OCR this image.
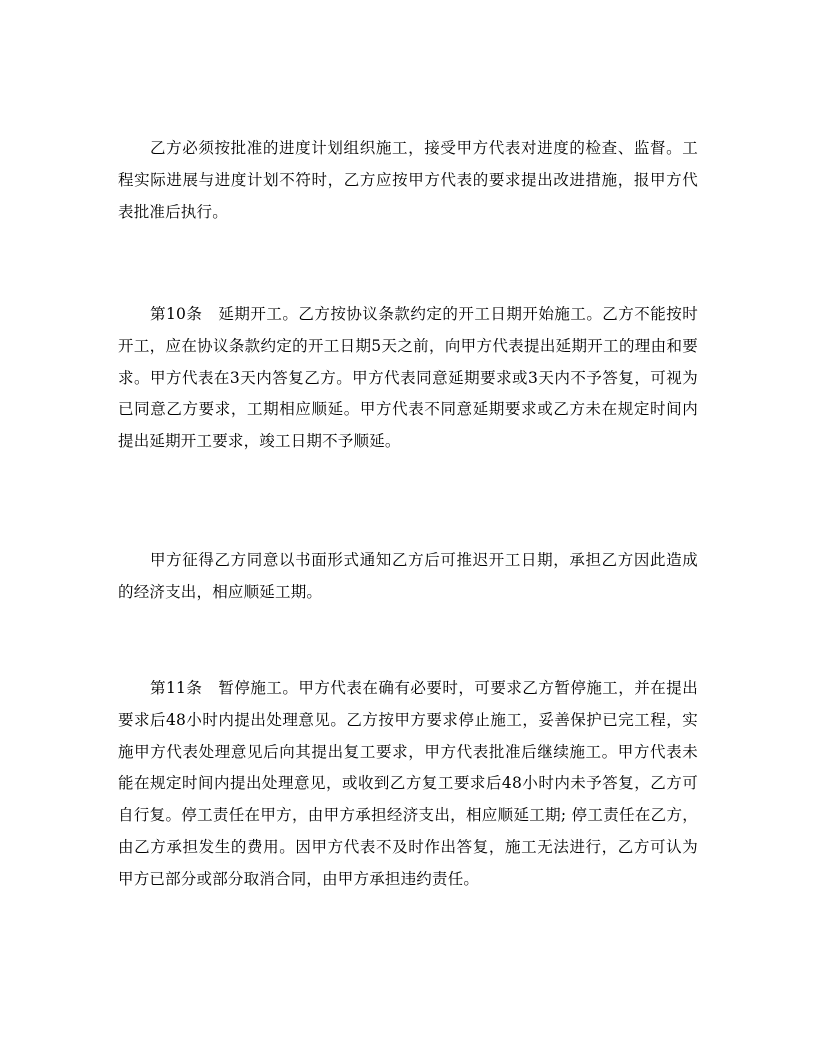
乙方必须按批准的进度计划组织施工，接受甲方代表对进度的检查、监督。工程实际进展与进度计划不符时，乙方应按甲方代表的要求提出改进措施，报甲方代表批准后执行。

第10条　延期开工。乙方按协议条款约定的开工日期开始施工。乙方不能按时开工，应在协议条款约定的开工日期5天之前，向甲方代表提出延期开工的理由和要求。甲方代表在3天内答复乙方。甲方代表同意延期要求或3天内不予答复，可视为已同意乙方要求，工期相应顺延。甲方代表不同意延期要求或乙方未在规定时间内提出延期开工要求，竣工日期不予顺延。

甲方征得乙方同意以书面形式通知乙方后可推迟开工日期，承担乙方因此造成的经济支出，相应顺延工期。

第11条　暂停施工。甲方代表在确有必要时，可要求乙方暂停施工，并在提出要求后48小时内提出处理意见。乙方按甲方要求停止施工，妥善保护已完工程，实施甲方代表处理意见后向其提出复工要求，甲方代表批准后继续施工。甲方代表未能在规定时间内提出处理意见，或收到乙方复工要求后48小时内未予答复，乙方可自行复。停工责任在甲方，由甲方承担经济支出，相应顺延工期; 停工责任在乙方，由乙方承担发生的费用。因甲方代表不及时作出答复，施工无法进行，乙方可认为甲方已部分或部分取消合同，由甲方承担违约责任。
